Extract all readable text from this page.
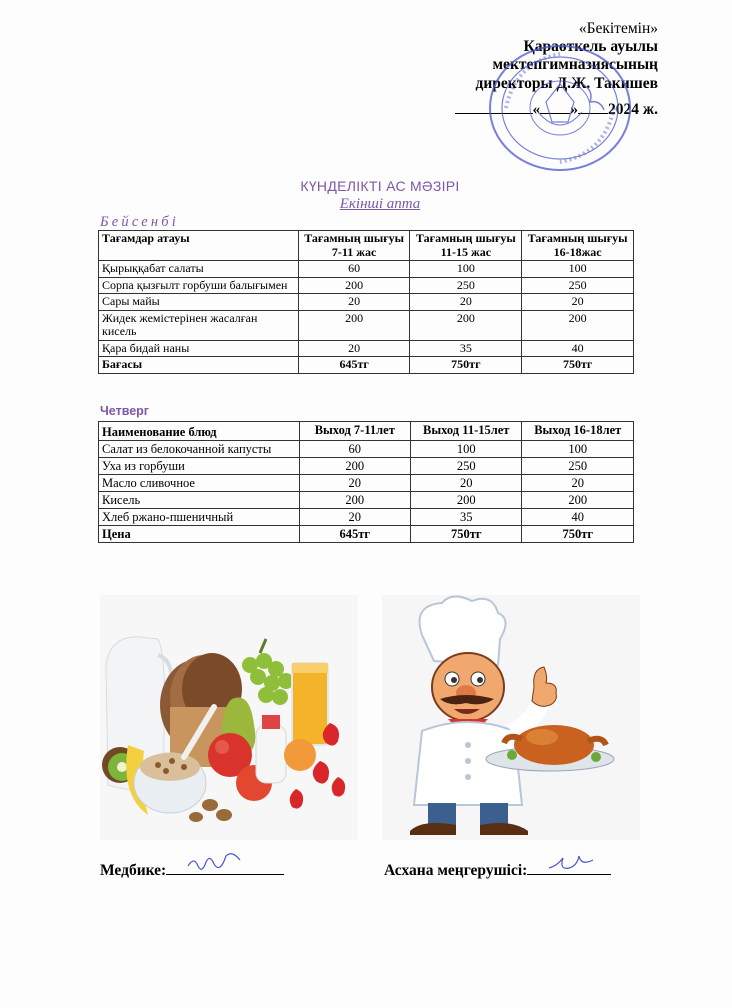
«Бекітемін»
Қараөткель ауылы
мектепгимназиясының
директоры Д.Ж. Такишев
« » 2024 ж.
КҮНДЕЛІКТІ АС МӘЗІРІ
Екінші апта
Бейсенбі
Тағамдар атауы	Тағамның шығуы 7-11 жас	Тағамның шығуы 11-15 жас	Тағамның шығуы 16-18жас
Қырыққабат салаты	60	100	100
Сорпа қызғылт горбуши балығымен	200	250	250
Сары майы	20	20	20
Жидек жемістерінен жасалған кисель	200	200	200
Қара бидай наны	20	35	40
Бағасы	645тг	750тг	750тг
Четверг
Наименование блюд	Выход 7-11лет	Выход 11-15лет	Выход 16-18лет
Салат из белокочанной капусты	60	100	100
Уха из горбуши	200	250	250
Масло сливочное	20	20	20
Кисель	200	200	200
Хлеб ржано-пшеничный	20	35	40
Цена	645тг	750тг	750тг
Медбике:	Асхана меңгерушісі:
